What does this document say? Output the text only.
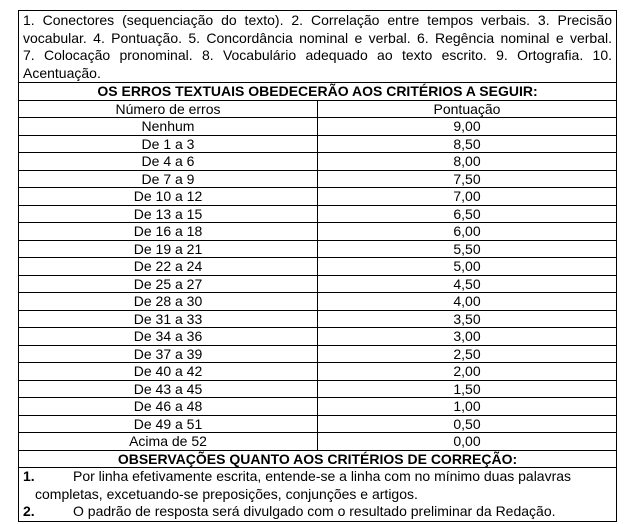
1. Conectores (sequenciação do texto). 2. Correlação entre tempos verbais. 3. Precisão
vocabular. 4. Pontuação. 5. Concordância nominal e verbal. 6. Regência nominal e verbal.
7. Colocação pronominal. 8. Vocabulário adequado ao texto escrito. 9. Ortografia. 10.
Acentuação.
OS ERROS TEXTUAIS OBEDECERÃO AOS CRITÉRIOS A SEGUIR:	
Número de erros	Pontuação
Nenhum	9,00
De 1 a 3	8,50
De 4 a 6	8,00
De 7 a 9	7,50
De 10 a 12	7,00
De 13 a 15	6,50
De 16 a 18	6,00
De 19 a 21	5,50
De 22 a 24	5,00
De 25 a 27	4,50
De 28 a 30	4,00
De 31 a 33	3,50
De 34 a 36	3,00
De 37 a 39	2,50
De 40 a 42	2,00
De 43 a 45	1,50
De 46 a 48	1,00
De 49 a 51	0,50
Acima de 52	0,00
OBSERVAÇÕES QUANTO AOS CRITÉRIOS DE CORREÇÃO:	
1.	Por linha efetivamente escrita, entende-se a linha com no mínimo duas palavras
completas, excetuando-se preposições, conjunções e artigos.
2.	O padrão de resposta será divulgado com o resultado preliminar da Redação.
